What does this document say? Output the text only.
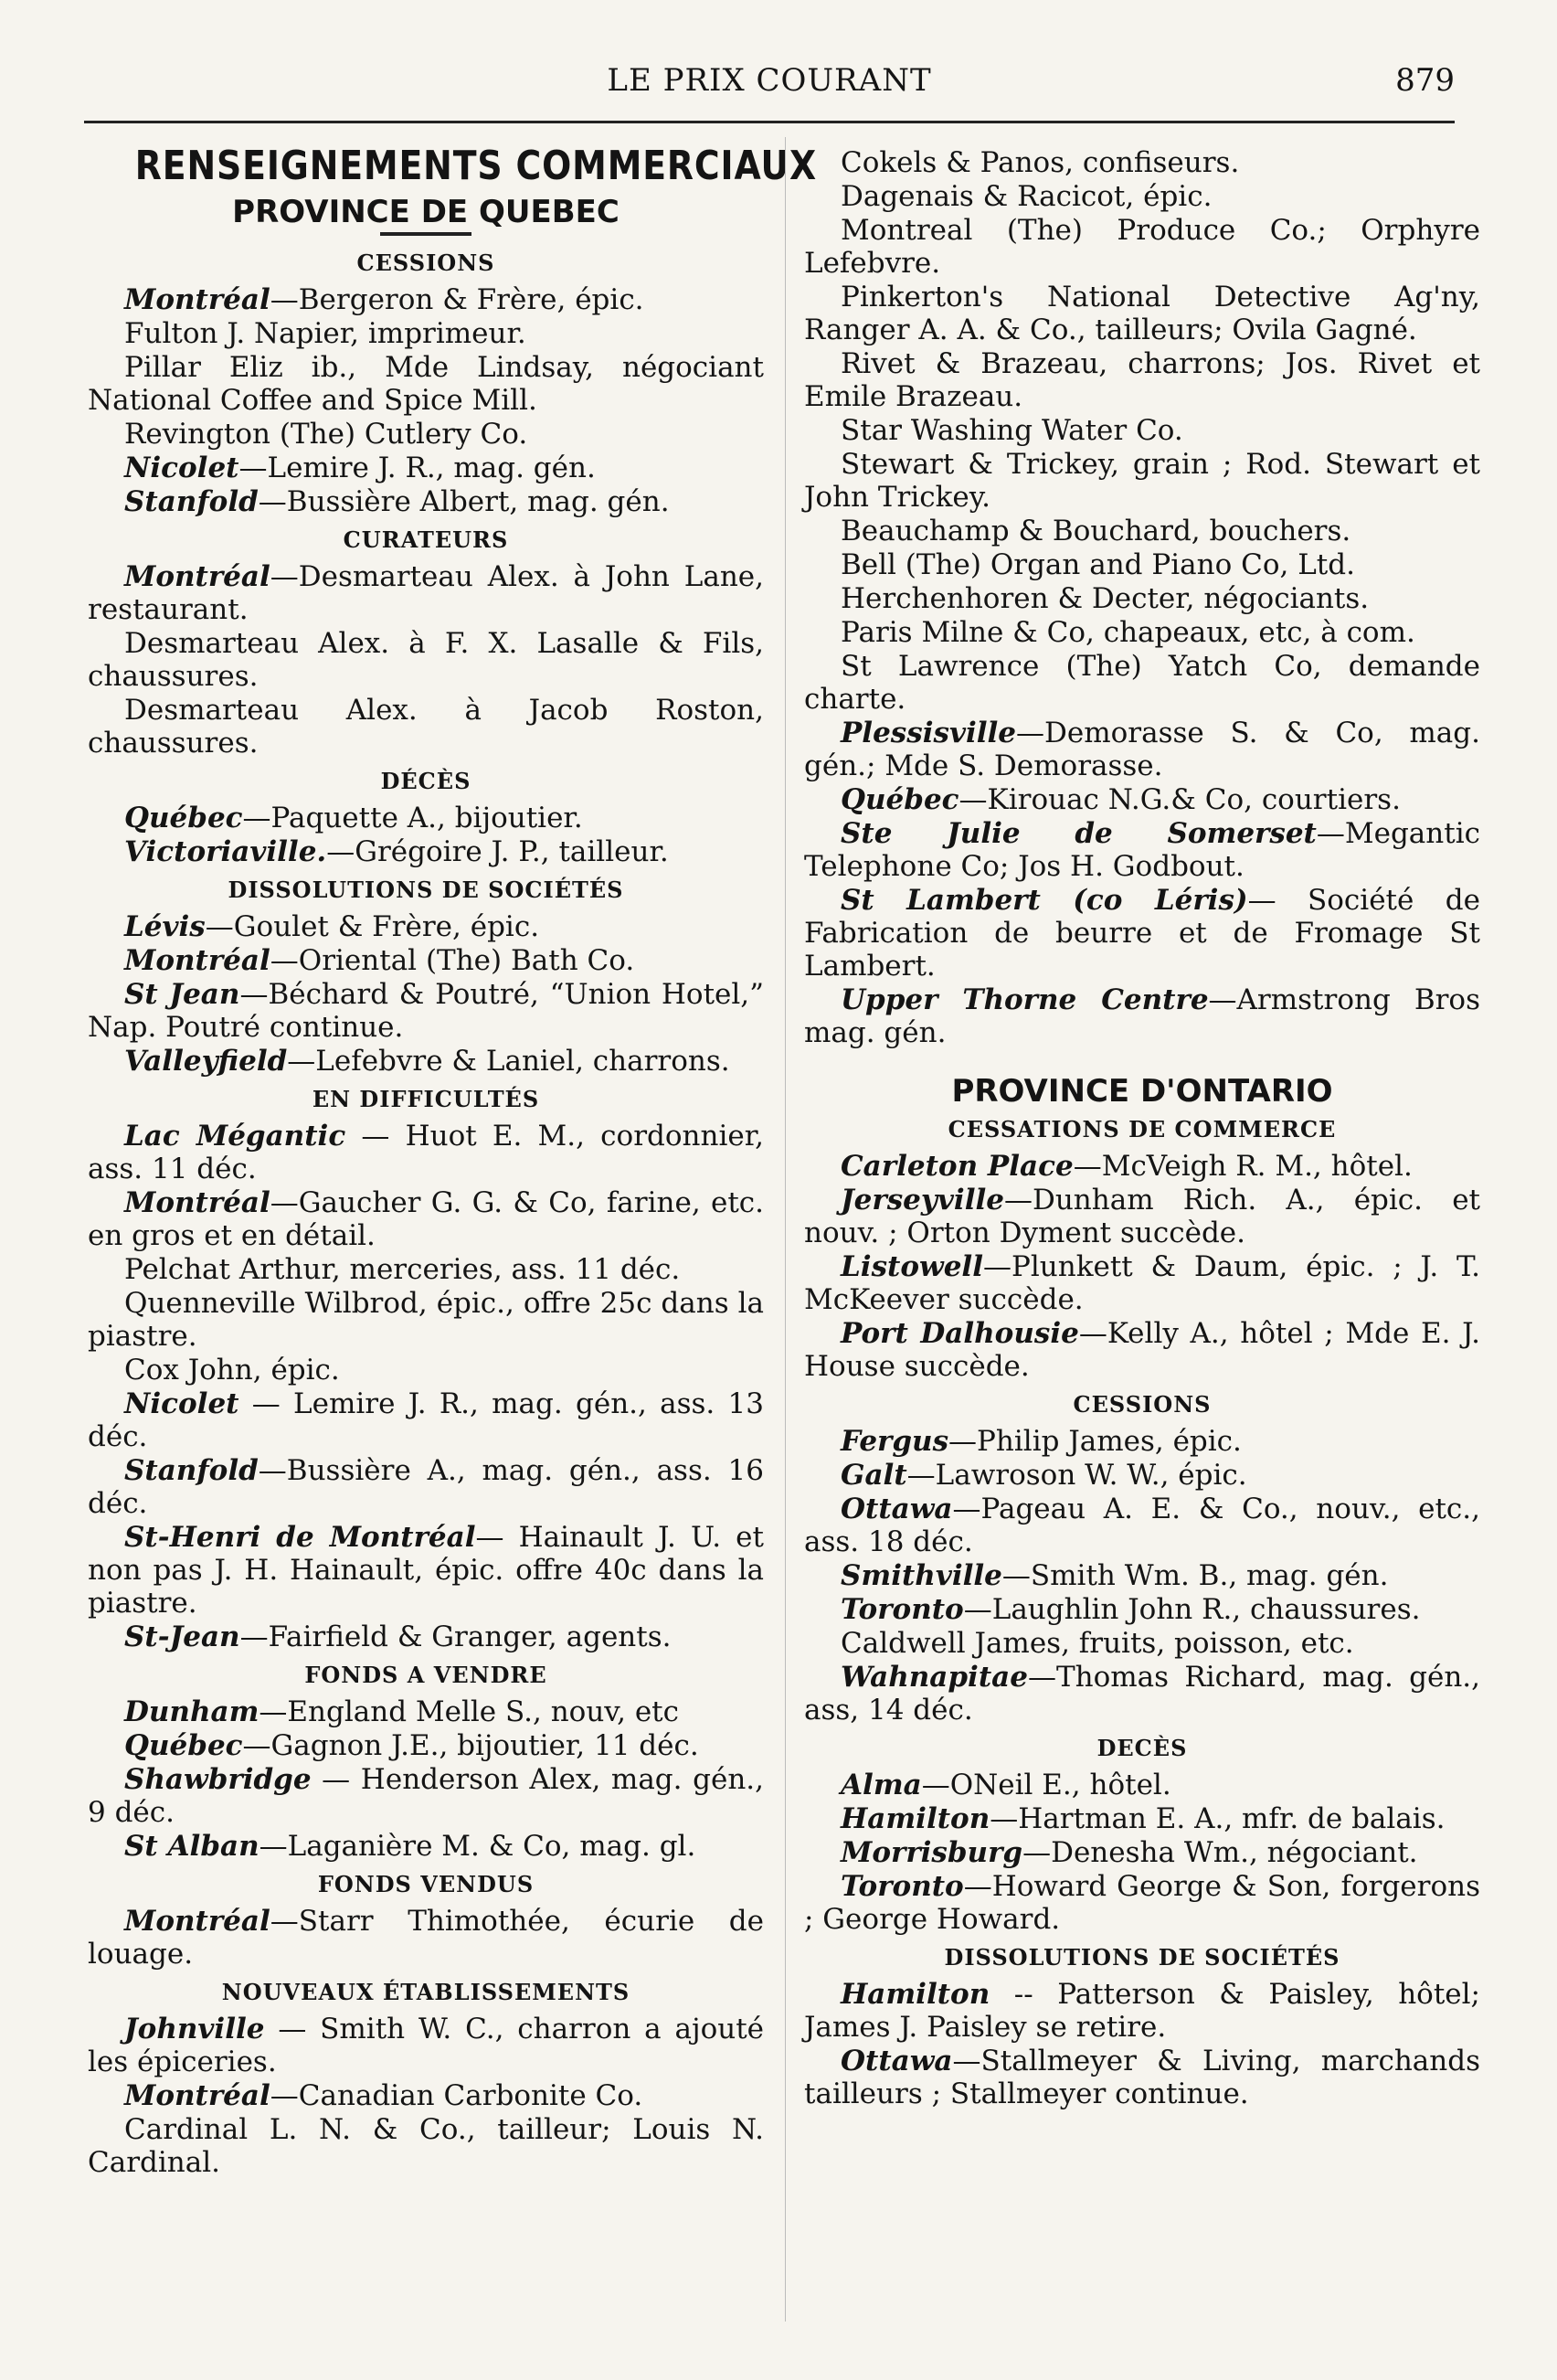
LE PRIX COURANT	879
RENSEIGNEMENTS COMMERCIAUX
PROVINCE DE QUEBEC
CESSIONS
Montréal—Bergeron & Frère, épic.
Fulton J. Napier, imprimeur.
Pillar Eliz ib., Mde Lindsay, négociant National Coffee and Spice Mill.
Revington (The) Cutlery Co.
Nicolet—Lemire J. R., mag. gén.
Stanfold—Bussière Albert, mag. gén.
CURATEURS
Montréal—Desmarteau Alex. à John Lane, restaurant.
Desmarteau Alex. à F. X. Lasalle & Fils, chaussures.
Desmarteau Alex. à Jacob Roston, chaussures.
DÉCÈS
Québec—Paquette A., bijoutier.
Victoriaville.—Grégoire J. P., tailleur.
DISSOLUTIONS DE SOCIÉTÉS
Lévis—Goulet & Frère, épic.
Montréal—Oriental (The) Bath Co.
St Jean—Béchard & Poutré, “Union Hotel,” Nap. Poutré continue.
Valleyfield—Lefebvre & Laniel, charrons.
EN DIFFICULTÉS
Lac Mégantic — Huot E. M., cordonnier, ass. 11 déc.
Montréal—Gaucher G. G. & Co, farine, etc. en gros et en détail.
Pelchat Arthur, merceries, ass. 11 déc.
Quenneville Wilbrod, épic., offre 25c dans la piastre.
Cox John, épic.
Nicolet — Lemire J. R., mag. gén., ass. 13 déc.
Stanfold—Bussière A., mag. gén., ass. 16 déc.
St-Henri de Montréal— Hainault J. U. et non pas J. H. Hainault, épic. offre 40c dans la piastre.
St-Jean—Fairfield & Granger, agents.
FONDS A VENDRE
Dunham—England Melle S., nouv, etc
Québec—Gagnon J.E., bijoutier, 11 déc.
Shawbridge — Henderson Alex, mag. gén., 9 déc.
St Alban—Laganière M. & Co, mag. gl.
FONDS VENDUS
Montréal—Starr Thimothée, écurie de louage.
NOUVEAUX ÉTABLISSEMENTS
Johnville — Smith W. C., charron a ajouté les épiceries.
Montréal—Canadian Carbonite Co.
Cardinal L. N. & Co., tailleur; Louis N. Cardinal.
Cokels & Panos, confiseurs.
Dagenais & Racicot, épic.
Montreal (The) Produce Co.; Orphyre Lefebvre.
Pinkerton's National Detective Ag'ny, Ranger A. A. & Co., tailleurs; Ovila Gagné.
Rivet & Brazeau, charrons; Jos. Rivet et Emile Brazeau.
Star Washing Water Co.
Stewart & Trickey, grain ; Rod. Stewart et John Trickey.
Beauchamp & Bouchard, bouchers.
Bell (The) Organ and Piano Co, Ltd.
Herchenhoren & Decter, négociants.
Paris Milne & Co, chapeaux, etc, à com.
St Lawrence (The) Yatch Co, demande charte.
Plessisville—Demorasse S. & Co, mag. gén.; Mde S. Demorasse.
Québec—Kirouac N.G.& Co, courtiers.
Ste Julie de Somerset—Megantic Telephone Co; Jos H. Godbout.
St Lambert (co Léris)— Société de Fabrication de beurre et de Fromage St Lambert.
Upper Thorne Centre—Armstrong Bros mag. gén.
PROVINCE D'ONTARIO
CESSATIONS DE COMMERCE
Carleton Place—McVeigh R. M., hôtel.
Jerseyville—Dunham Rich. A., épic. et nouv. ; Orton Dyment succède.
Listowell—Plunkett & Daum, épic. ; J. T. McKeever succède.
Port Dalhousie—Kelly A., hôtel ; Mde E. J. House succède.
CESSIONS
Fergus—Philip James, épic.
Galt—Lawroson W. W., épic.
Ottawa—Pageau A. E. & Co., nouv., etc., ass. 18 déc.
Smithville—Smith Wm. B., mag. gén.
Toronto—Laughlin John R., chaussures.
Caldwell James, fruits, poisson, etc.
Wahnapitae—Thomas Richard, mag. gén., ass, 14 déc.
DECÈS
Alma—ONeil E., hôtel.
Hamilton—Hartman E. A., mfr. de balais.
Morrisburg—Denesha Wm., négociant.
Toronto—Howard George & Son, forgerons ; George Howard.
DISSOLUTIONS DE SOCIÉTÉS
Hamilton -- Patterson & Paisley, hôtel; James J. Paisley se retire.
Ottawa—Stallmeyer & Living, marchands tailleurs ; Stallmeyer continue.
